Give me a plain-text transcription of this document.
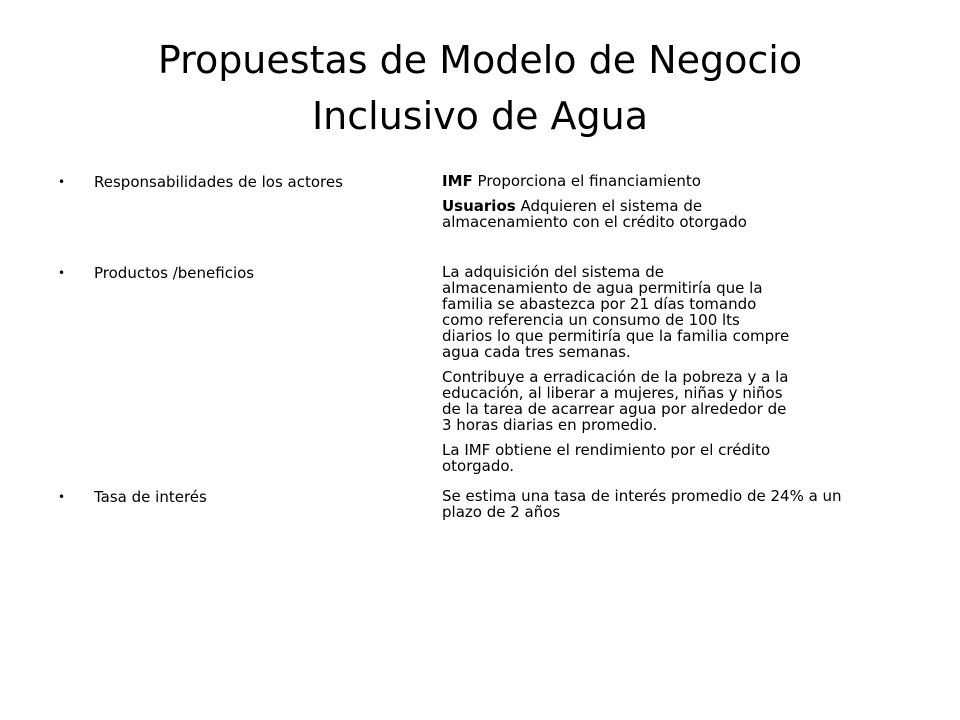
Propuestas de Modelo de Negocio
Inclusivo de Agua
• Responsabilidades de los actores	IMF Proporciona el financiamiento

Usuarios Adquieren el sistema de almacenamiento con el crédito otorgado

• Productos /beneficios	La adquisición del sistema de almacenamiento de agua permitiría que la familia se abastezca por 21 días tomando como referencia un consumo de 100 lts diarios lo que permitiría que la familia compre agua cada tres semanas.

Contribuye a erradicación de la pobreza y a la educación, al liberar a mujeres, niñas y niños de la tarea de acarrear agua por alrededor de 3 horas diarias en promedio.

La IMF obtiene el rendimiento por el crédito otorgado.

• Tasa de interés	Se estima una tasa de interés promedio de 24% a un plazo de 2 años
